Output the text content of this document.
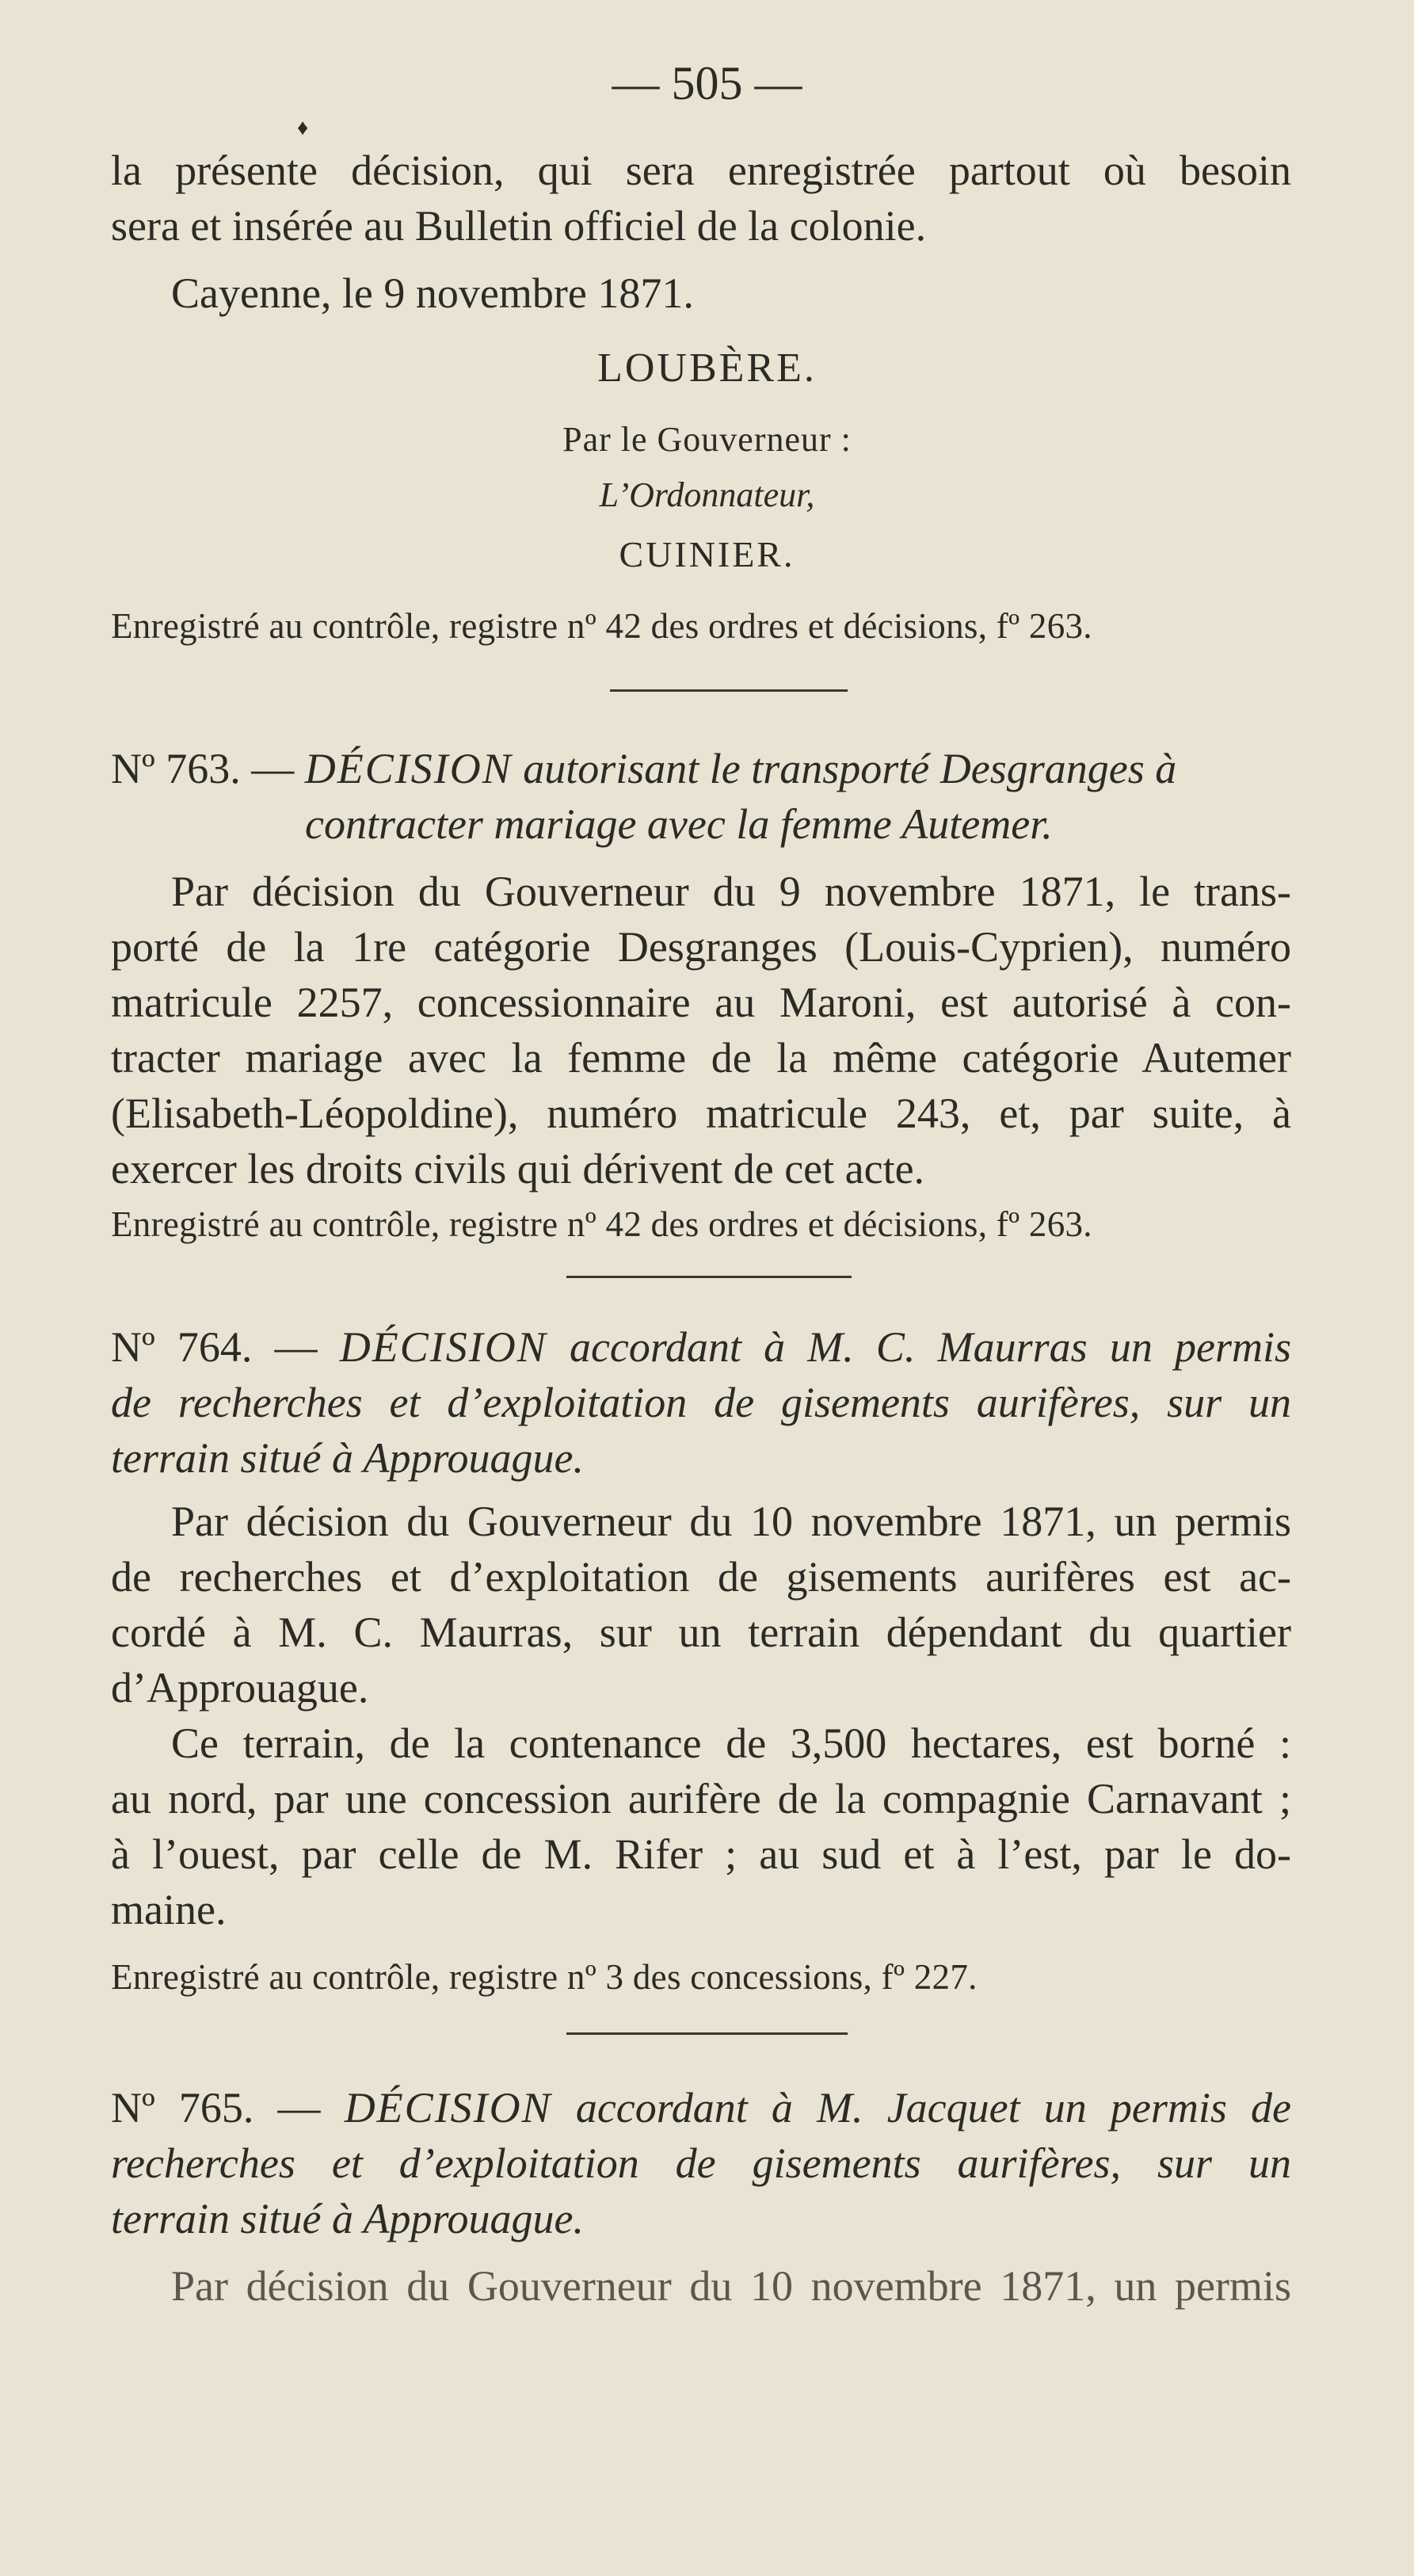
— 505 —
♦
la présente décision, qui sera enregistrée partout où besoin
sera et insérée au Bulletin officiel de la colonie.
Cayenne, le 9 novembre 1871.
LOUBÈRE.
Par le Gouverneur :
L’Ordonnateur,
CUINIER.
Enregistré au contrôle, registre nº 42 des ordres et décisions, fº 263.
Nº 763. — DÉCISION autorisant le transporté Desgranges à
contracter mariage avec la femme Autemer.
Par décision du Gouverneur du 9 novembre 1871, le trans-
porté de la 1re catégorie Desgranges (Louis-Cyprien), numéro
matricule 2257, concessionnaire au Maroni, est autorisé à con-
tracter mariage avec la femme de la même catégorie Autemer
(Elisabeth-Léopoldine), numéro matricule 243, et, par suite, à
exercer les droits civils qui dérivent de cet acte.
Enregistré au contrôle, registre nº 42 des ordres et décisions, fº 263.
Nº 764. — DÉCISION accordant à M. C. Maurras un permis
de recherches et d’exploitation de gisements aurifères, sur un
terrain situé à Approuague.
Par décision du Gouverneur du 10 novembre 1871, un permis
de recherches et d’exploitation de gisements aurifères est ac-
cordé à M. C. Maurras, sur un terrain dépendant du quartier
d’Approuague.
Ce terrain, de la contenance de 3,500 hectares, est borné :
au nord, par une concession aurifère de la compagnie Carnavant ;
à l’ouest, par celle de M. Rifer ; au sud et à l’est, par le do-
maine.
Enregistré au contrôle, registre nº 3 des concessions, fº 227.
Nº 765. — DÉCISION accordant à M. Jacquet un permis de
recherches et d’exploitation de gisements aurifères, sur un
terrain situé à Approuague.
Par décision du Gouverneur du 10 novembre 1871, un permis
